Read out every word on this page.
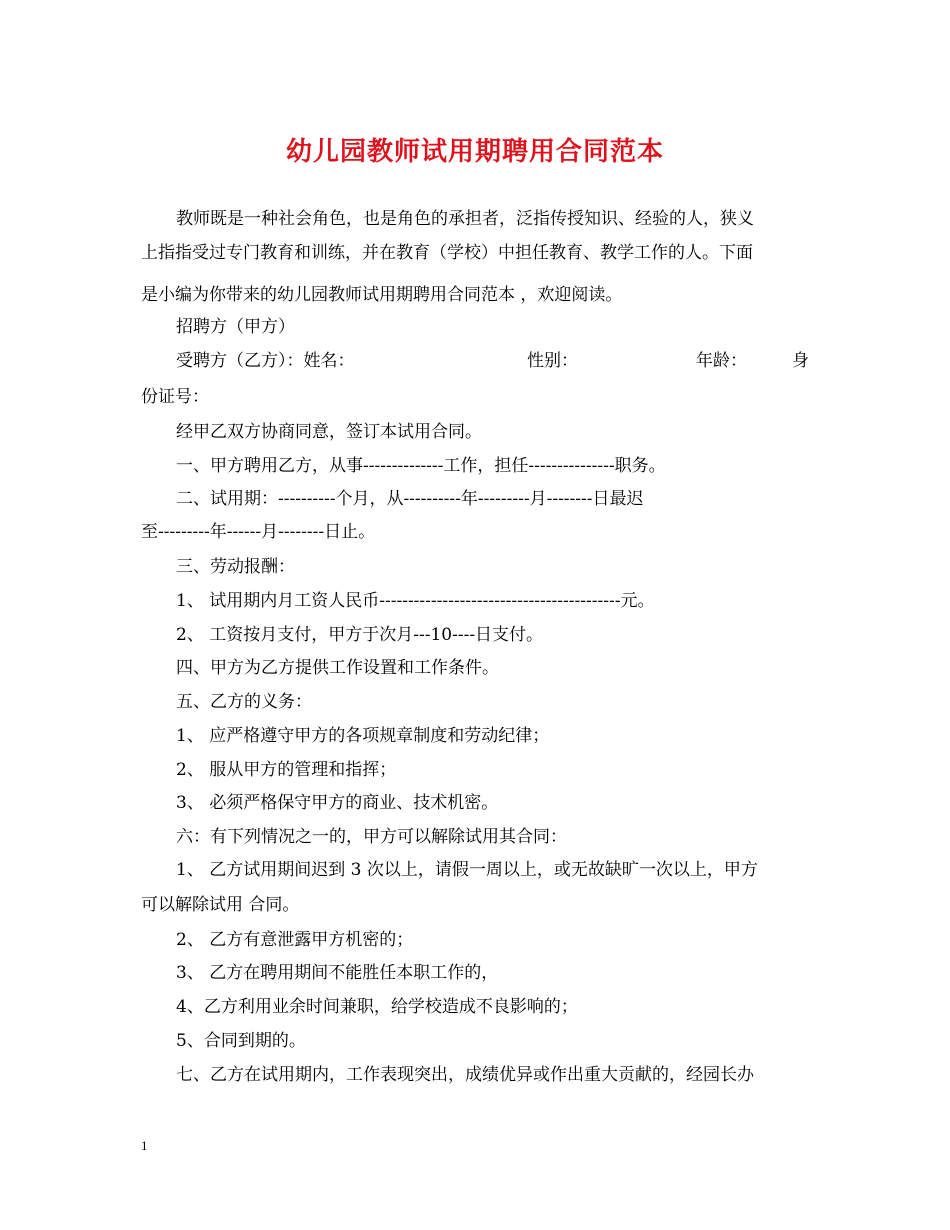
幼儿园教师试用期聘用合同范本
教师既是一种社会角色，也是角色的承担者，泛指传授知识、经验的人，狭义
上指指受过专门教育和训练，并在教育（学校）中担任教育、教学工作的人。下面
是小编为你带来的幼儿园教师试用期聘用合同范本 ，欢迎阅读。
招聘方（甲方）
受聘方（乙方）：姓名：	性别：	年龄：	身
份证号：
经甲乙双方协商同意，签订本试用合同。
一、甲方聘用乙方，从事--------------工作，担任---------------职务。
二、试用期：----------个月，从----------年---------月--------日最迟
至---------年------月--------日止。
三、劳动报酬：
1、 试用期内月工资人民币------------------------------------------元。
2、 工资按月支付，甲方于次月---10----日支付。
四、甲方为乙方提供工作设置和工作条件。
五、乙方的义务：
1、 应严格遵守甲方的各项规章制度和劳动纪律；
2、 服从甲方的管理和指挥；
3、 必须严格保守甲方的商业、技术机密。
六：有下列情况之一的，甲方可以解除试用其合同：
1、 乙方试用期间迟到 3 次以上，请假一周以上，或无故缺旷一次以上，甲方
可以解除试用 合同。
2、 乙方有意泄露甲方机密的；
3、 乙方在聘用期间不能胜任本职工作的，
4、乙方利用业余时间兼职，给学校造成不良影响的；
5、合同到期的。
七、乙方在试用期内，工作表现突出，成绩优异或作出重大贡献的，经园长办
1
